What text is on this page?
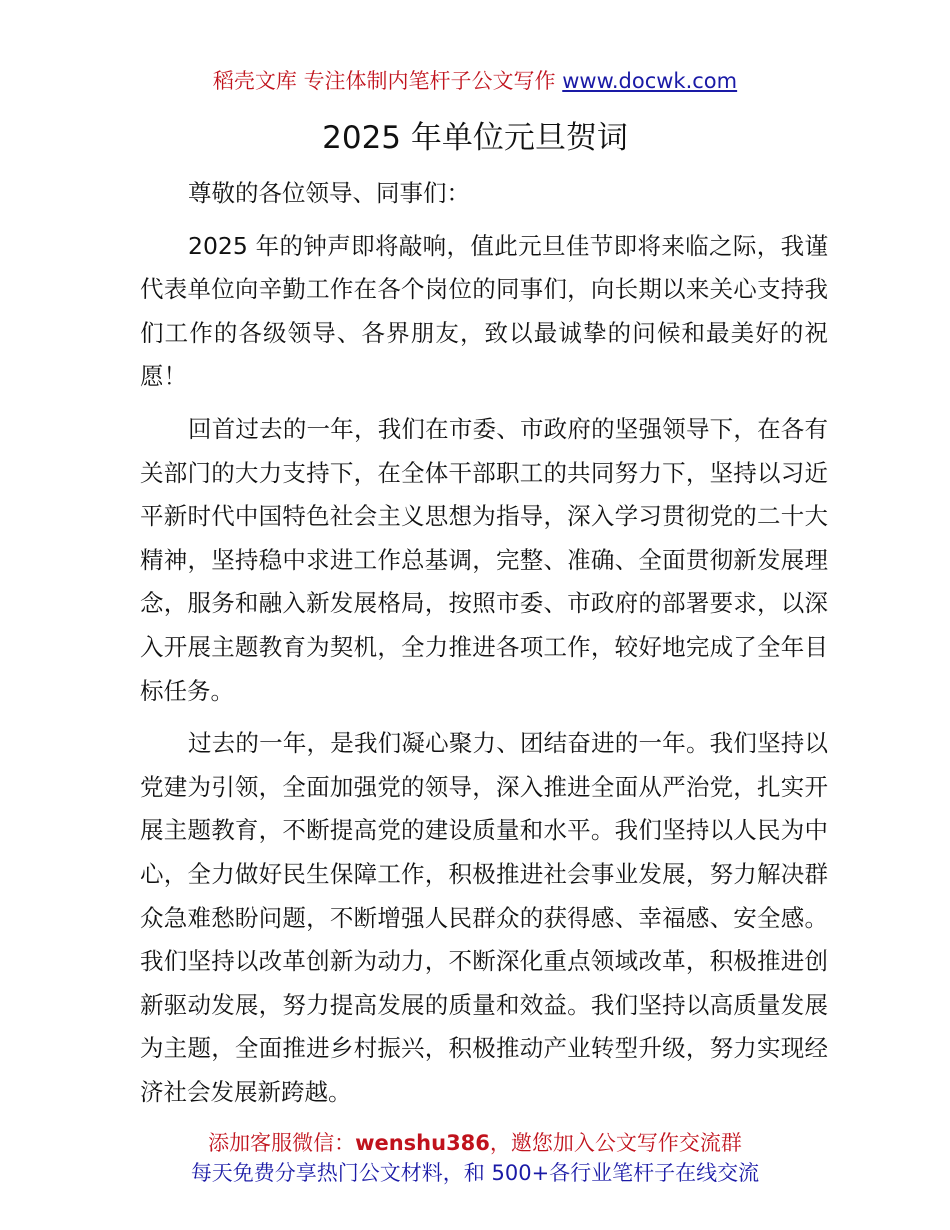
稻壳文库 专注体制内笔杆子公文写作 www.docwk.com
2025 年单位元旦贺词

尊敬的各位领导、同事们：

2025 年的钟声即将敲响，值此元旦佳节即将来临之际，我谨代表单位向辛勤工作在各个岗位的同事们，向长期以来关心支持我们工作的各级领导、各界朋友，致以最诚挚的问候和最美好的祝愿！

回首过去的一年，我们在市委、市政府的坚强领导下，在各有关部门的大力支持下，在全体干部职工的共同努力下，坚持以习近平新时代中国特色社会主义思想为指导，深入学习贯彻党的二十大精神，坚持稳中求进工作总基调，完整、准确、全面贯彻新发展理念，服务和融入新发展格局，按照市委、市政府的部署要求，以深入开展主题教育为契机，全力推进各项工作，较好地完成了全年目标任务。

过去的一年，是我们凝心聚力、团结奋进的一年。我们坚持以党建为引领，全面加强党的领导，深入推进全面从严治党，扎实开展主题教育，不断提高党的建设质量和水平。我们坚持以人民为中心，全力做好民生保障工作，积极推进社会事业发展，努力解决群众急难愁盼问题，不断增强人民群众的获得感、幸福感、安全感。我们坚持以改革创新为动力，不断深化重点领域改革，积极推进创新驱动发展，努力提高发展的质量和效益。我们坚持以高质量发展为主题，全面推进乡村振兴，积极推动产业转型升级，努力实现经济社会发展新跨越。

添加客服微信：wenshu386，邀您加入公文写作交流群
每天免费分享热门公文材料，和 500+各行业笔杆子在线交流
